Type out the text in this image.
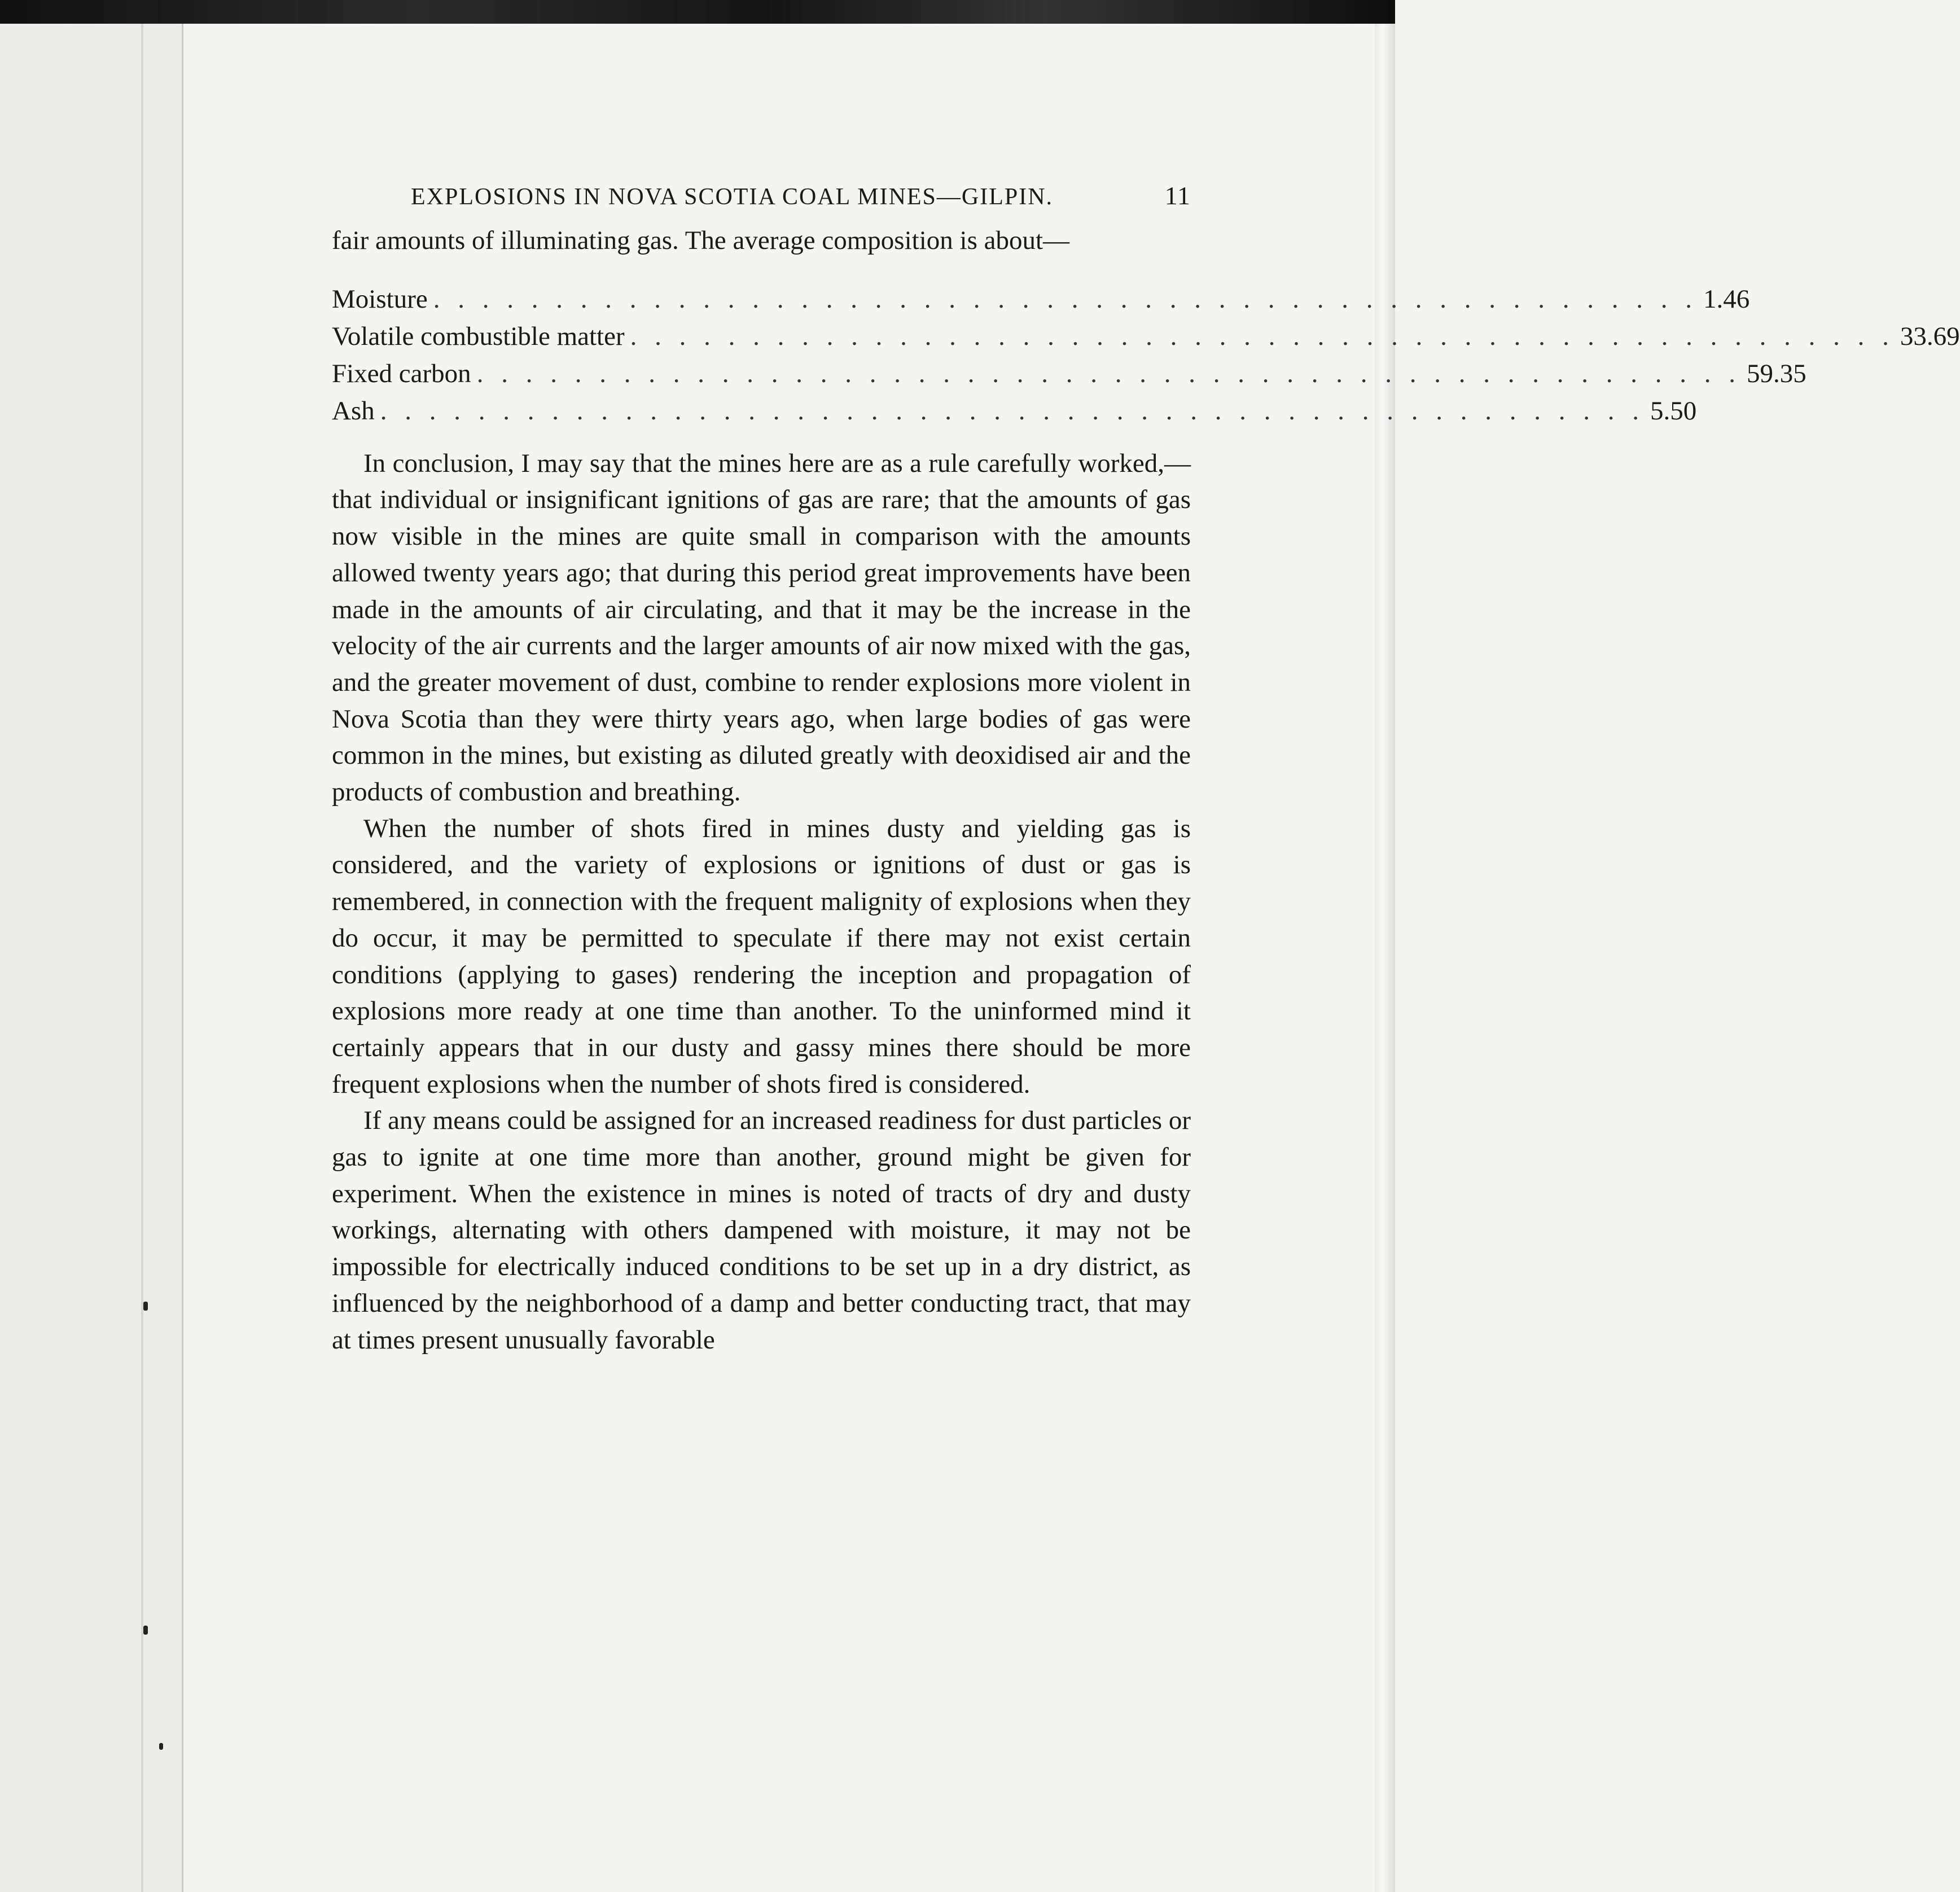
EXPLOSIONS IN NOVA SCOTIA COAL MINES—GILPIN.	11

fair amounts of illuminating gas. The average composition is about—

Moisture . . . . . . . . . . . . . . . . . . . . . . . . . . . . . . . . . . . . . . . . . . . . . . . . . . . . 1.46
Volatile combustible matter . . . . . . . . . . . . . . . . . . . . . . . . . . . . . . . . . . . . . . . . . . . . . . . . . . . . 33.69
Fixed carbon . . . . . . . . . . . . . . . . . . . . . . . . . . . . . . . . . . . . . . . . . . . . . . . . . . . . 59.35
Ash . . . . . . . . . . . . . . . . . . . . . . . . . . . . . . . . . . . . . . . . . . . . . . . . . . . . 5.50

In conclusion, I may say that the mines here are as a rule carefully worked,—that individual or insignificant ignitions of gas are rare; that the amounts of gas now visible in the mines are quite small in comparison with the amounts allowed twenty years ago; that during this period great improvements have been made in the amounts of air circulating, and that it may be the increase in the velocity of the air currents and the larger amounts of air now mixed with the gas, and the greater movement of dust, combine to render explosions more violent in Nova Scotia than they were thirty years ago, when large bodies of gas were common in the mines, but existing as diluted greatly with deoxidised air and the products of combustion and breathing.

When the number of shots fired in mines dusty and yielding gas is considered, and the variety of explosions or ignitions of dust or gas is remembered, in connection with the frequent malignity of explosions when they do occur, it may be permitted to speculate if there may not exist certain conditions (applying to gases) rendering the inception and propagation of explosions more ready at one time than another. To the uninformed mind it certainly appears that in our dusty and gassy mines there should be more frequent explosions when the number of shots fired is considered.

If any means could be assigned for an increased readiness for dust particles or gas to ignite at one time more than another, ground might be given for experiment. When the existence in mines is noted of tracts of dry and dusty workings, alternating with others dampened with moisture, it may not be impossible for electrically induced conditions to be set up in a dry district, as influenced by the neighborhood of a damp and better conducting tract, that may at times present unusually favorable
